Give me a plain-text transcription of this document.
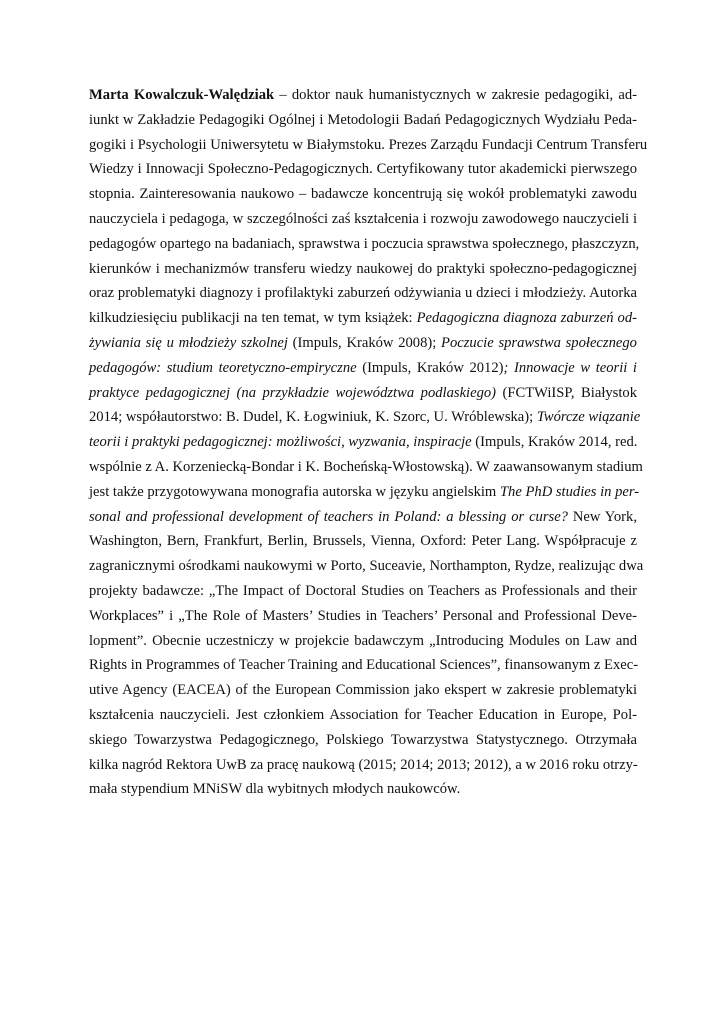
Marta Kowalczuk-Walędziak – doktor nauk humanistycznych w zakresie pedagogiki, ad-
iunkt w Zakładzie Pedagogiki Ogólnej i Metodologii Badań Pedagogicznych Wydziału Peda-
gogiki i Psychologii Uniwersytetu w Białymstoku. Prezes Zarządu Fundacji Centrum Transferu
Wiedzy i Innowacji Społeczno-Pedagogicznych. Certyfikowany tutor akademicki pierwszego
stopnia. Zainteresowania naukowo – badawcze koncentrują się wokół problematyki zawodu
nauczyciela i pedagoga, w szczególności zaś kształcenia i rozwoju zawodowego nauczycieli i
pedagogów opartego na badaniach, sprawstwa i poczucia sprawstwa społecznego, płaszczyzn,
kierunków i mechanizmów transferu wiedzy naukowej do praktyki społeczno-pedagogicznej
oraz problematyki diagnozy i profilaktyki zaburzeń odżywiania u dzieci i młodzieży. Autorka
kilkudziesięciu publikacji na ten temat, w tym książek: Pedagogiczna diagnoza zaburzeń od-
żywiania się u młodzieży szkolnej (Impuls, Kraków 2008); Poczucie sprawstwa społecznego
pedagogów: studium teoretyczno-empiryczne (Impuls, Kraków 2012); Innowacje w teorii i
praktyce pedagogicznej (na przykładzie województwa podlaskiego) (FCTWiISP, Białystok
2014; współautorstwo: B. Dudel, K. Łogwiniuk, K. Szorc, U. Wróblewska); Twórcze wiązanie
teorii i praktyki pedagogicznej: możliwości, wyzwania, inspiracje (Impuls, Kraków 2014, red.
wspólnie z A. Korzeniecką-Bondar i K. Bocheńską-Włostowską). W zaawansowanym stadium
jest także przygotowywana monografia autorska w języku angielskim The PhD studies in per-
sonal and professional development of teachers in Poland: a blessing or curse? New York,
Washington, Bern, Frankfurt, Berlin, Brussels, Vienna, Oxford: Peter Lang. Współpracuje z
zagranicznymi ośrodkami naukowymi w Porto, Suceavie, Northampton, Rydze, realizując dwa
projekty badawcze: „The Impact of Doctoral Studies on Teachers as Professionals and their
Workplaces” i „The Role of Masters’ Studies in Teachers’ Personal and Professional Deve-
lopment”. Obecnie uczestniczy w projekcie badawczym „Introducing Modules on Law and
Rights in Programmes of Teacher Training and Educational Sciences”, finansowanym z Exec-
utive Agency (EACEA) of the European Commission jako ekspert w zakresie problematyki
kształcenia nauczycieli. Jest członkiem Association for Teacher Education in Europe, Pol-
skiego Towarzystwa Pedagogicznego, Polskiego Towarzystwa Statystycznego. Otrzymała
kilka nagród Rektora UwB za pracę naukową (2015; 2014; 2013; 2012), a w 2016 roku otrzy-
mała stypendium MNiSW dla wybitnych młodych naukowców.
